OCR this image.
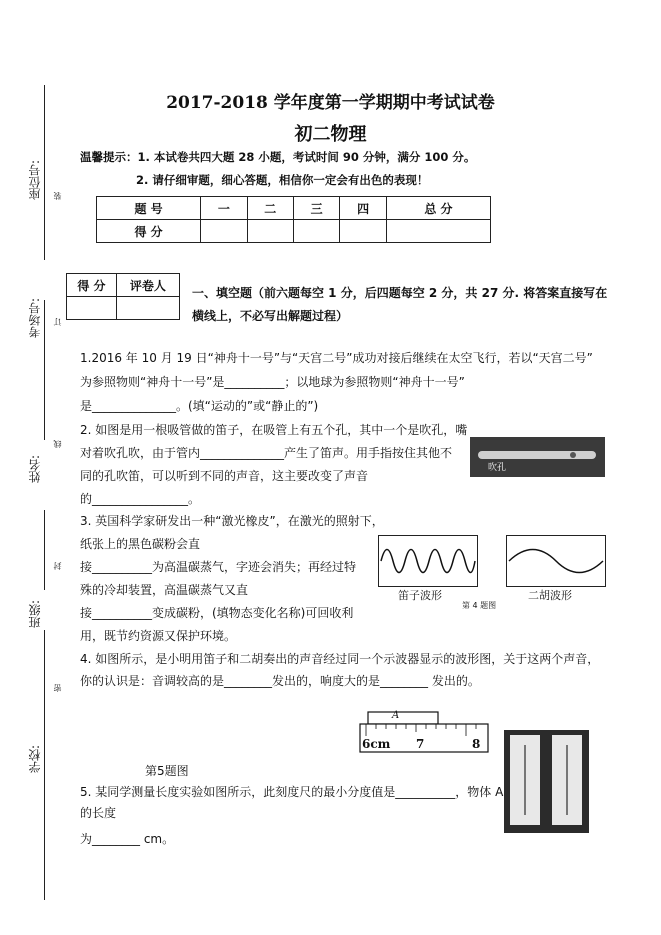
座位号:
考场号:
姓名:
班级:
学校:
装
订
线
封
密
2017-2018 学年度第一学期期中考试试卷
初二物理
温馨提示：1. 本试卷共四大题 28 小题，考试时间 90 分钟，满分 100 分。
2. 请仔细审题，细心答题，相信你一定会有出色的表现！
题 号	一	二	三	四	总 分
得 分					
得 分	评卷人

一、填空题（前六题每空 1 分，后四题每空 2 分，共 27 分. 将答案直接写在
横线上，不必写出解题过程）
1.2016 年 10 月 19 日“神舟十一号”与“天宫二号”成功对接后继续在太空飞行，若以“天宫二号”
为参照物则“神舟十一号”是__________；以地球为参照物则“神舟十一号”
是______________。(填“运动的”或“静止的”)
2. 如图是用一根吸管做的笛子，在吸管上有五个孔，其中一个是吹孔，嘴
对着吹孔吹，由于管内______________产生了笛声。用手指按住其他不
同的孔吹笛，可以听到不同的声音，这主要改变了声音
的________________。
吹孔
3. 英国科学家研发出一种“激光橡皮”，在激光的照射下，
纸张上的黑色碳粉会直
接__________为高温碳蒸气，字迹会消失；再经过特
殊的冷却装置，高温碳蒸气又直
接__________变成碳粉，(填物态变化名称)可回收利
用，既节约资源又保护环境。
笛子波形	二胡波形
第 4 题图
4. 如图所示，是小明用笛子和二胡奏出的声音经过同一个示波器显示的波形图，关于这两个声音，
你的认识是：音调较高的是________发出的，响度大的是________ 发出的。
A
6cm 7	8
第5题图
5. 某同学测量长度实验如图所示，此刻度尺的最小分度值是__________，物体 A
的长度
为________ cm。
